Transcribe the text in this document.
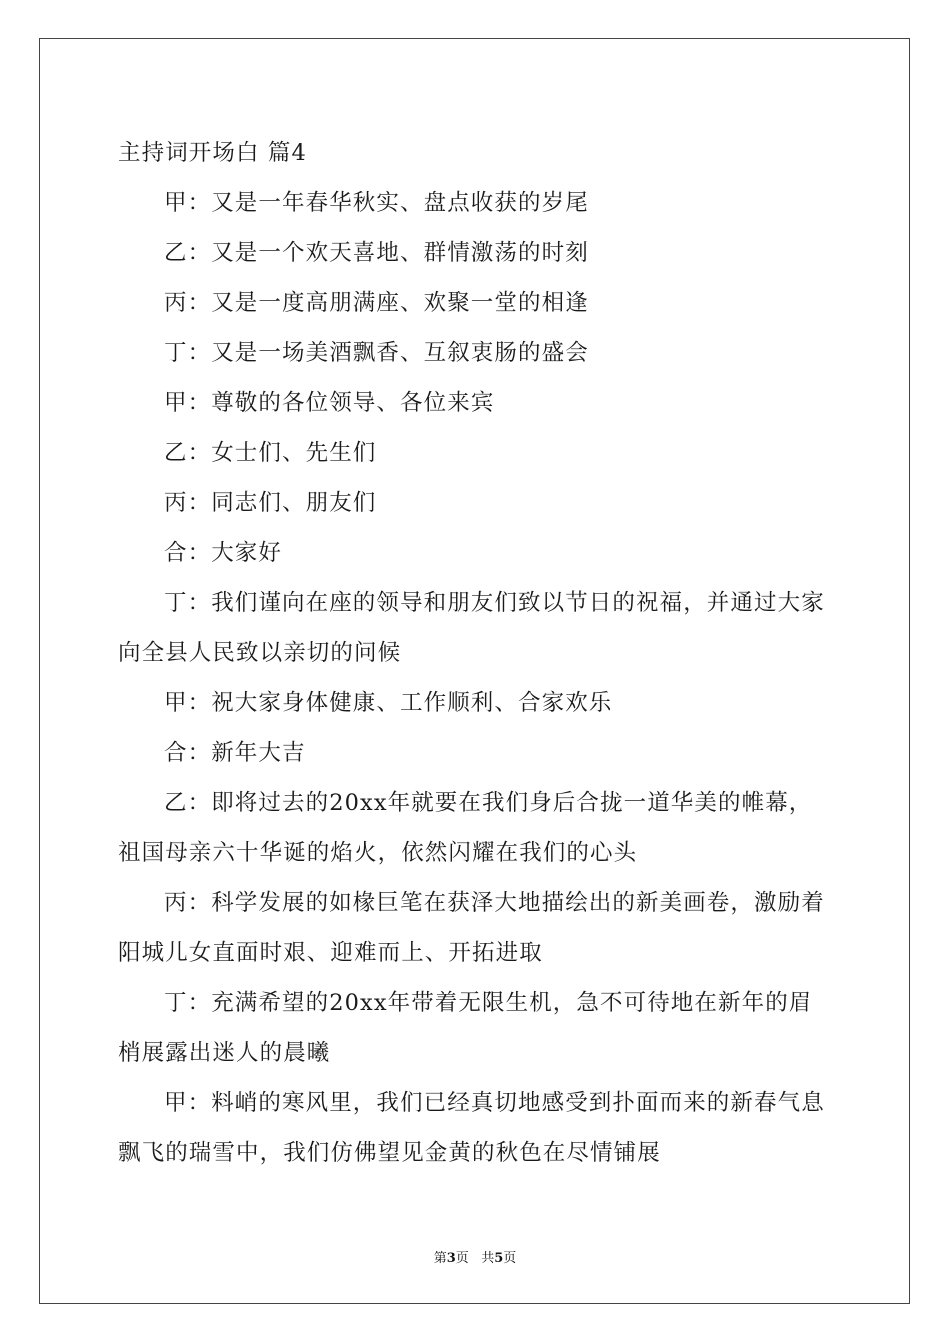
主持词开场白 篇4
甲：又是一年春华秋实、盘点收获的岁尾
乙：又是一个欢天喜地、群情激荡的时刻
丙：又是一度高朋满座、欢聚一堂的相逢
丁：又是一场美酒飘香、互叙衷肠的盛会
甲：尊敬的各位领导、各位来宾
乙：女士们、先生们
丙：同志们、朋友们
合：大家好
丁：我们谨向在座的领导和朋友们致以节日的祝福，并通过大家
向全县人民致以亲切的问候
甲：祝大家身体健康、工作顺利、合家欢乐
合：新年大吉
乙：即将过去的20xx年就要在我们身后合拢一道华美的帷幕，
祖国母亲六十华诞的焰火，依然闪耀在我们的心头
丙：科学发展的如椽巨笔在获泽大地描绘出的新美画卷，激励着
阳城儿女直面时艰、迎难而上、开拓进取
丁：充满希望的20xx年带着无限生机，急不可待地在新年的眉
梢展露出迷人的晨曦
甲：料峭的寒风里，我们已经真切地感受到扑面而来的新春气息
飘飞的瑞雪中，我们仿佛望见金黄的秋色在尽情铺展
第3页 共5页
